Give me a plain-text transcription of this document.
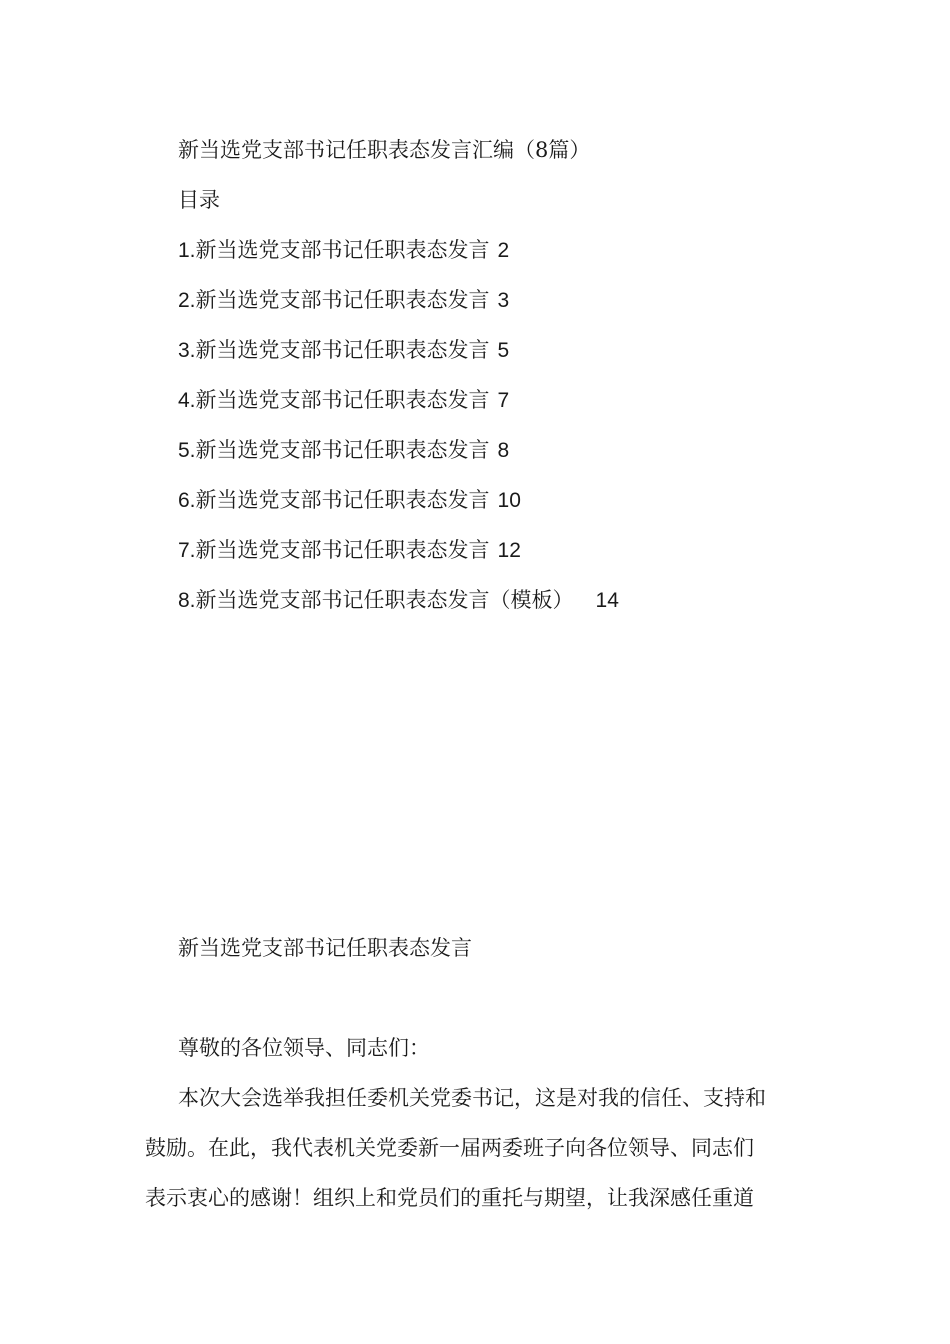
新当选党支部书记任职表态发言汇编（8篇）
目录
1.新当选党支部书记任职表态发言 2
2.新当选党支部书记任职表态发言 3
3.新当选党支部书记任职表态发言 5
4.新当选党支部书记任职表态发言 7
5.新当选党支部书记任职表态发言 8
6.新当选党支部书记任职表态发言 10
7.新当选党支部书记任职表态发言 12
8.新当选党支部书记任职表态发言（模板） 14
新当选党支部书记任职表态发言
尊敬的各位领导、同志们：
本次大会选举我担任委机关党委书记，这是对我的信任、支持和
鼓励。在此，我代表机关党委新一届两委班子向各位领导、同志们
表示衷心的感谢！组织上和党员们的重托与期望，让我深感任重道
